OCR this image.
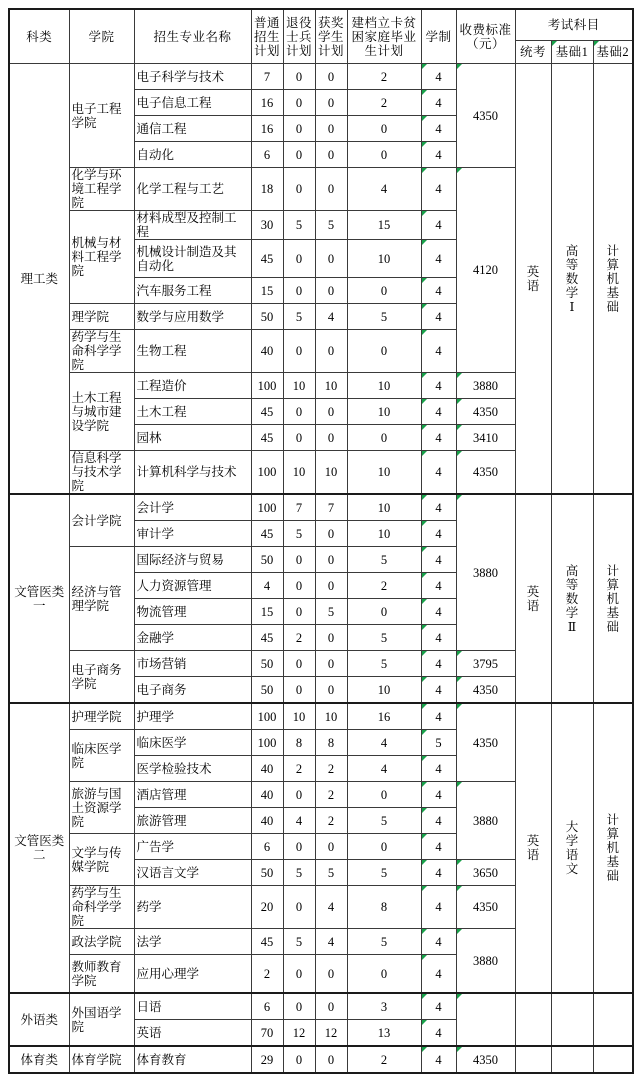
科类	学院	招生专业名称	普通招生计划	退役士兵计划	获奖学生计划	建档立卡贫困家庭毕业生计划	学制	收费标准（元）	考试科目		
									统考	基础1	基础2
理工类	电子工程学院	电子科学与技术	7	0	0	2	4	4350	英语	高等数学Ⅰ	计算机基础

		电子信息工程	16	0	0	2	4				
		通信工程	16	0	0	0	4				
		自动化	6	0	0	0	4				
	化学与环境工程学院	化学工程与工艺	18	0	0	4	4	4120			
	机械与材料工程学院	材料成型及控制工程	30	5	5	15	4				
		机械设计制造及其自动化	45	0	0	10	4				
		汽车服务工程	15	0	0	0	4				
	理学院	数学与应用数学	50	5	4	5	4				
	药学与生命科学学院	生物工程	40	0	0	0	4				
	土木工程与城市建设学院	工程造价	100	10	10	10	4	3880			
		土木工程	45	0	0	10	4	4350			
		园林	45	0	0	0	4	3410			
	信息科学与技术学院	计算机科学与技术	100	10	10	10	4	4350			
文管医类一	会计学院	会计学	100	7	7	10	4	3880	英语	高等数学Ⅱ	计算机基础

		审计学	45	5	0	10	4				
	经济与管理学院	国际经济与贸易	50	0	0	5	4				
		人力资源管理	4	0	0	2	4				
		物流管理	15	0	5	0	4				
		金融学	45	2	0	5	4				
	电子商务学院	市场营销	50	0	0	5	4	3795			
		电子商务	50	0	0	10	4	4350			
文管医类二	护理学院	护理学	100	10	10	16	4	4350	英语	大学语文	计算机基础

	临床医学院	临床医学	100	8	8	4	5				
		医学检验技术	40	2	2	4	4				
	旅游与国土资源学院	酒店管理	40	0	2	0	4	3880			
		旅游管理	40	4	2	5	4				
	文学与传媒学院	广告学	6	0	0	0	4				
		汉语言文学	50	5	5	5	4	3650			
	药学与生命科学学院	药学	20	0	4	8	4	4350			
	政法学院	法学	45	5	4	5	4	3880			
	教师教育学院	应用心理学	2	0	0	0	4				
外语类	外国语学院	日语	6	0	0	3	4		

		英语	70	12	12	13	4				
体育类	体育学院	体育教育	29	0	0	2	4	4350	
